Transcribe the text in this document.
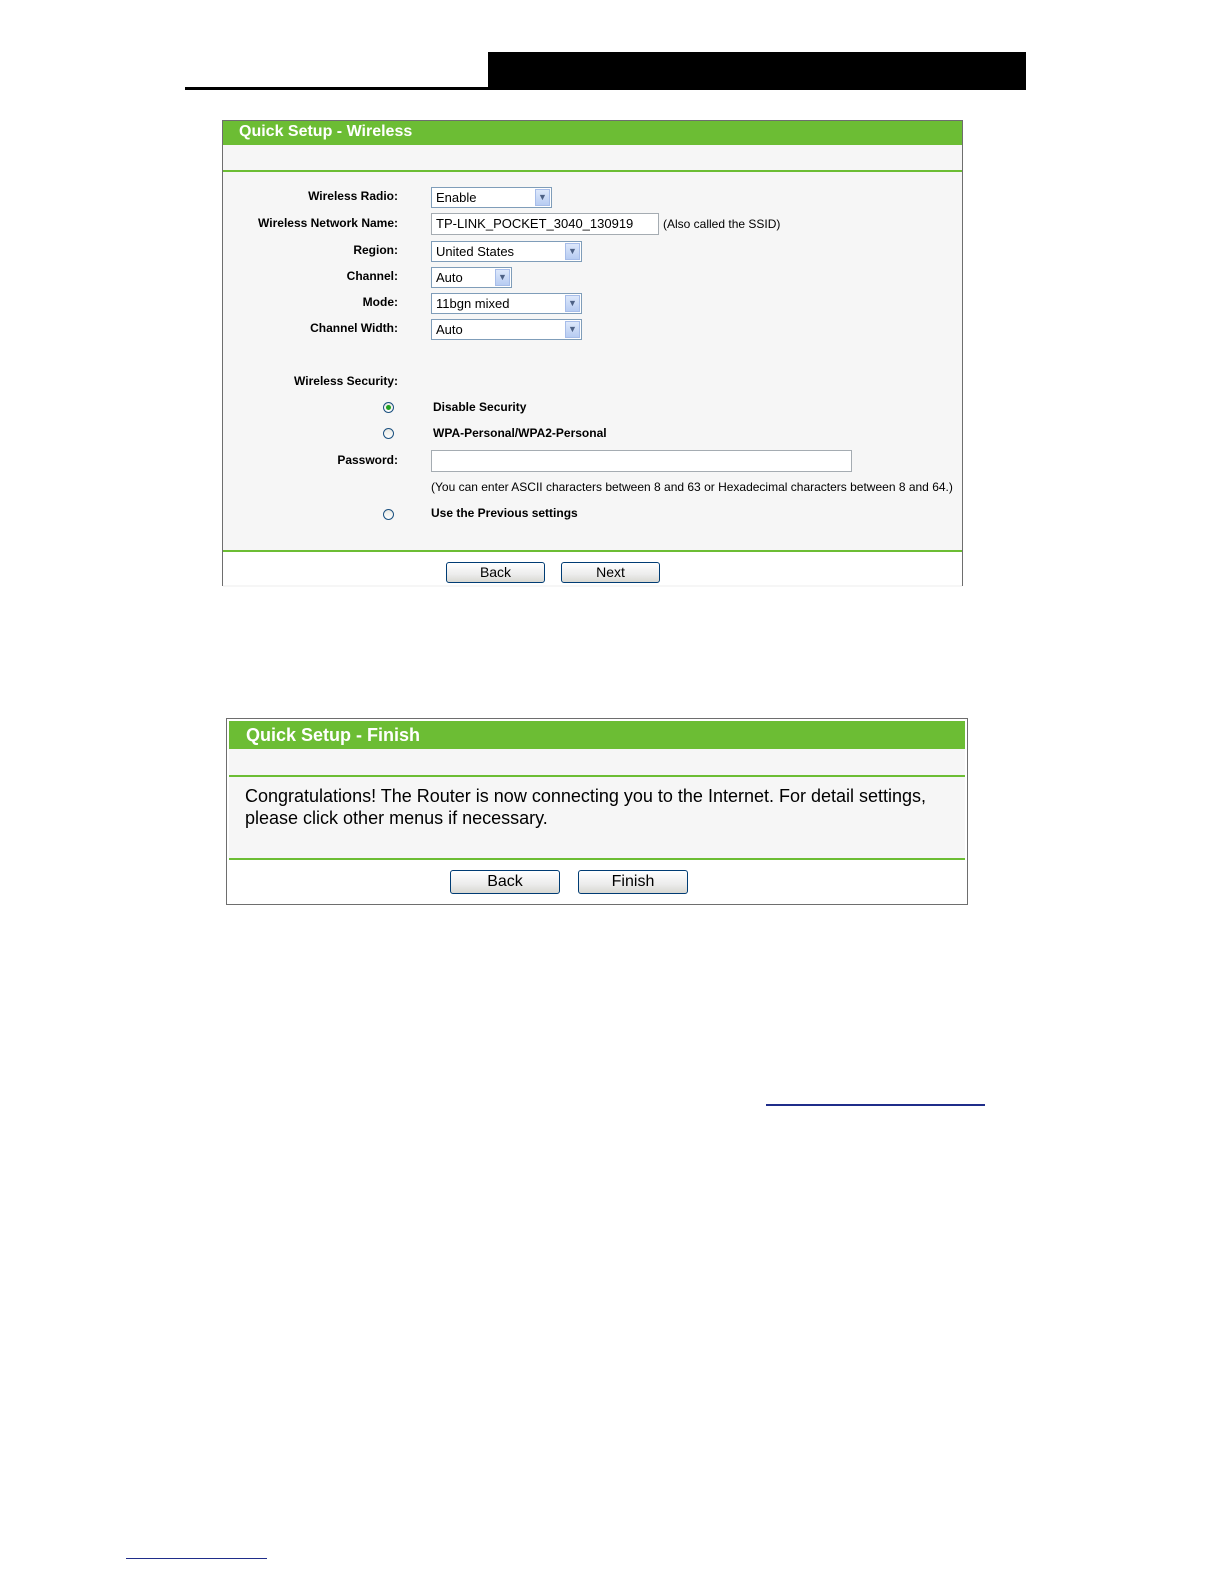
Quick Setup - Wireless
Wireless Radio:	Enable	▼
Wireless Network Name:	TP-LINK_POCKET_3040_130919	(Also called the SSID)
Region:	United States	▼
Channel:	Auto	▼
Mode:	11bgn mixed	▼
Channel Width:	Auto	▼
Wireless Security:
Disable Security
WPA-Personal/WPA2-Personal
Password:
(You can enter ASCII characters between 8 and 63 or Hexadecimal characters between 8 and 64.)
Use the Previous settings
Back	Next
Quick Setup - Finish
Congratulations! The Router is now connecting you to the Internet. For detail settings, please click other menus if necessary.
Back	Finish
